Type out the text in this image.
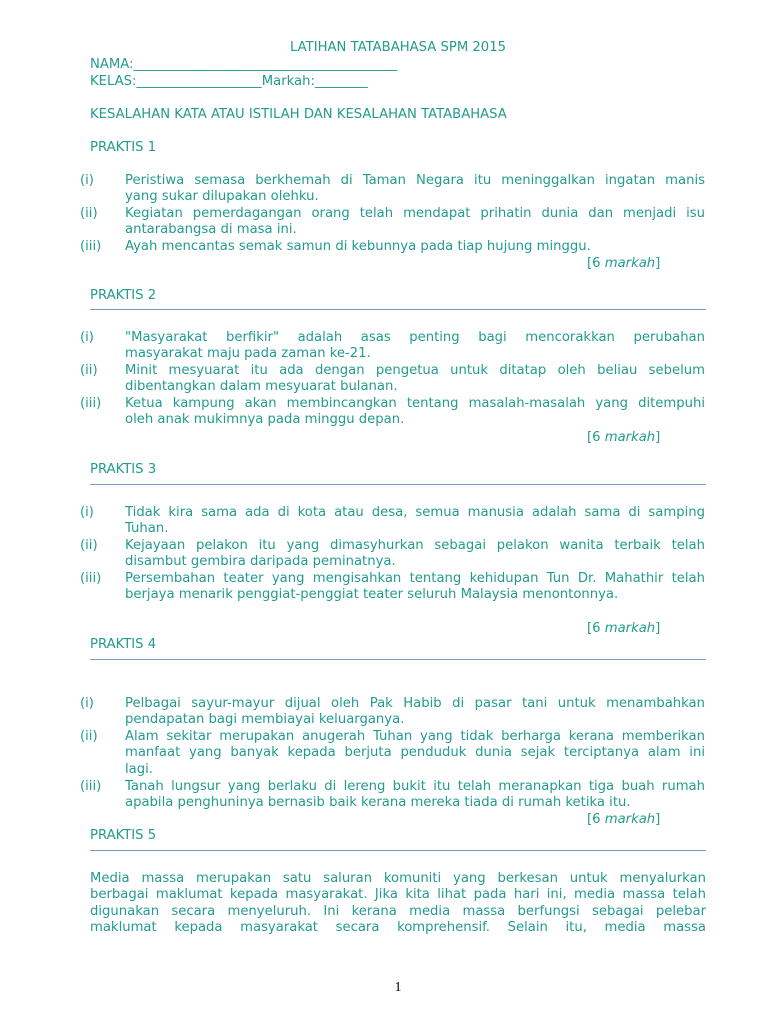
LATIHAN TATABAHASA SPM 2015
NAMA:________________________________________
KELAS:___________________Markah:________
KESALAHAN KATA ATAU ISTILAH DAN KESALAHAN TATABAHASA
PRAKTIS 1
(i) Peristiwa semasa berkhemah di Taman Negara itu meninggalkan ingatan manis
yang sukar dilupakan olehku.
(ii) Kegiatan pemerdagangan orang telah mendapat prihatin dunia dan menjadi isu
antarabangsa di masa ini.
(iii) Ayah mencantas semak samun di kebunnya pada tiap hujung minggu.
[6 markah]
PRAKTIS 2
(i) "Masyarakat berfikir" adalah asas penting bagi mencorakkan perubahan
masyarakat maju pada zaman ke-21.
(ii) Minit mesyuarat itu ada dengan pengetua untuk ditatap oleh beliau sebelum
dibentangkan dalam mesyuarat bulanan.
(iii) Ketua kampung akan membincangkan tentang masalah-masalah yang ditempuhi
oleh anak mukimnya pada minggu depan.
[6 markah]
PRAKTIS 3
(i) Tidak kira sama ada di kota atau desa, semua manusia adalah sama di samping
Tuhan.
(ii) Kejayaan pelakon itu yang dimasyhurkan sebagai pelakon wanita terbaik telah
disambut gembira daripada peminatnya.
(iii) Persembahan teater yang mengisahkan tentang kehidupan Tun Dr. Mahathir telah
berjaya menarik penggiat-penggiat teater seluruh Malaysia menontonnya.
[6 markah]
PRAKTIS 4
(i) Pelbagai sayur-mayur dijual oleh Pak Habib di pasar tani untuk menambahkan
pendapatan bagi membiayai keluarganya.
(ii) Alam sekitar merupakan anugerah Tuhan yang tidak berharga kerana memberikan
manfaat yang banyak kepada berjuta penduduk dunia sejak terciptanya alam ini
lagi.
(iii) Tanah lungsur yang berlaku di lereng bukit itu telah meranapkan tiga buah rumah
apabila penghuninya bernasib baik kerana mereka tiada di rumah ketika itu.
[6 markah]
PRAKTIS 5
Media massa merupakan satu saluran komuniti yang berkesan untuk menyalurkan
berbagai maklumat kepada masyarakat. Jika kita lihat pada hari ini, media massa telah
digunakan secara menyeluruh. Ini kerana media massa berfungsi sebagai pelebar
maklumat kepada masyarakat secara komprehensif. Selain itu, media massa
1
